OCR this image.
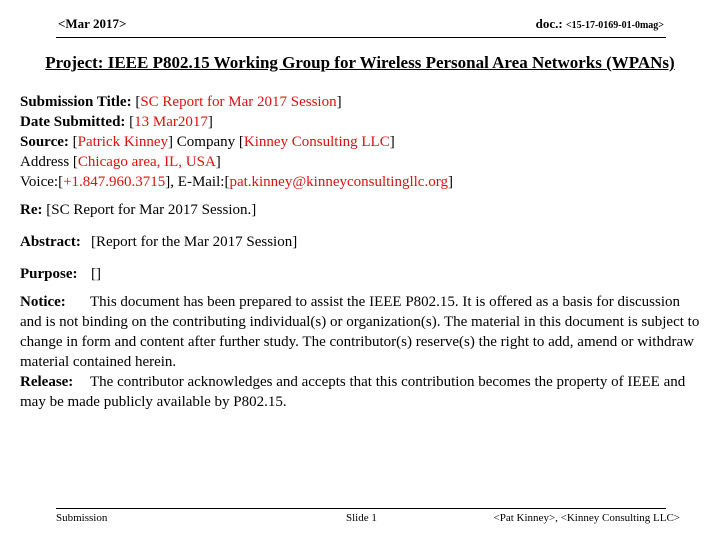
<Mar 2017>	doc.: <15-17-0169-01-0mag>
Project: IEEE P802.15 Working Group for Wireless Personal Area Networks (WPANs)
Submission Title: [SC Report for Mar 2017 Session]
Date Submitted: [13 Mar2017]
Source: [Patrick Kinney] Company [Kinney Consulting LLC]
Address [Chicago area, IL, USA]
Voice:[+1.847.960.3715], E-Mail:[pat.kinney@kinneyconsultingllc.org]
Re: [SC Report for Mar 2017 Session.]
Abstract: [Report for the Mar 2017 Session]
Purpose: []
Notice: This document has been prepared to assist the IEEE P802.15. It is offered as a basis for discussion and is not binding on the contributing individual(s) or organization(s). The material in this document is subject to change in form and content after further study. The contributor(s) reserve(s) the right to add, amend or withdraw material contained herein.
Release: The contributor acknowledges and accepts that this contribution becomes the property of IEEE and may be made publicly available by P802.15.
Submission	Slide 1	<Pat Kinney>, <Kinney Consulting LLC>
